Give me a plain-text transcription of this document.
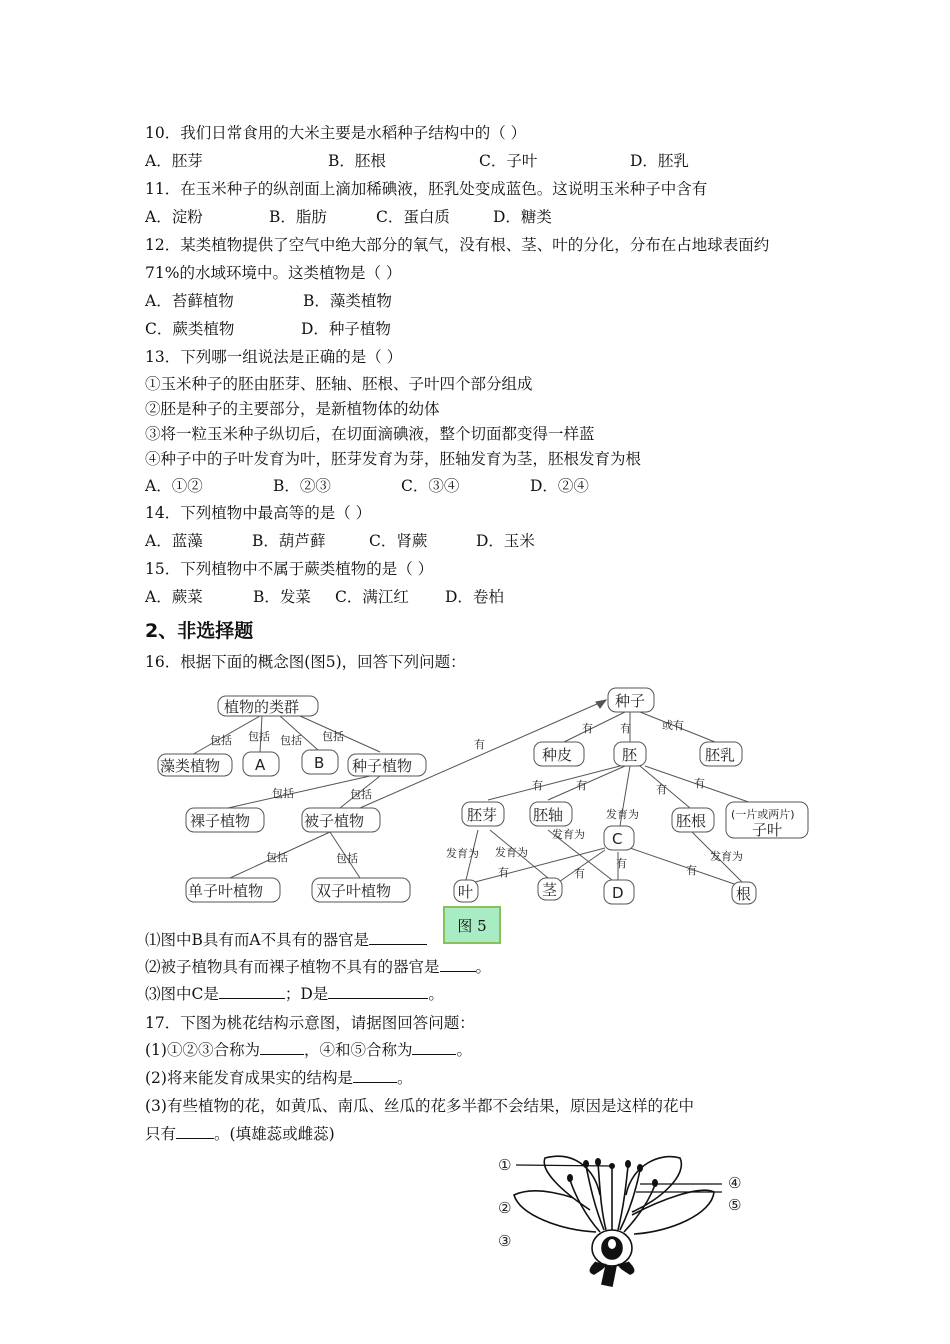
10．我们日常食用的大米主要是水稻种子结构中的（ ）
A．胚芽	B．胚根	C．子叶	D．胚乳
11．在玉米种子的纵剖面上滴加稀碘液，胚乳处变成蓝色。这说明玉米种子中含有
A．淀粉	B．脂肪	C．蛋白质	D．糖类
12．某类植物提供了空气中绝大部分的氧气，没有根、茎、叶的分化，分布在占地球表面约
71%的水域环境中。这类植物是（ ）
A．苔藓植物	B．藻类植物
C．蕨类植物	D．种子植物
13．下列哪一组说法是正确的是（ ）
①玉米种子的胚由胚芽、胚轴、胚根、子叶四个部分组成
②胚是种子的主要部分，是新植物体的幼体
③将一粒玉米种子纵切后，在切面滴碘液，整个切面都变得一样蓝
④种子中的子叶发育为叶，胚芽发育为芽，胚轴发育为茎，胚根发育为根
A．①②	B．②③	C．③④	D．②④
14．下列植物中最高等的是（ ）
A．蓝藻	B．葫芦藓	C．肾蕨	D．玉米
15．下列植物中不属于蕨类植物的是（ ）
A．蕨菜	B．发菜 C．满江红 D．卷柏
2、非选择题
16．根据下面的概念图(图5)，回答下列问题：
植物的类群
藻类植物 A	B 种子植物
裸子植物	被子植物
单子叶植物	双子叶植物
种子
种皮	胚	胚乳
胚芽 胚轴	胚根 (一片或两片)
子叶
C
叶	茎	D	根
包括 包括 包括 包括
包括	包括
包括	包括
有
有 有	或有
有	有	有 有
发育为
发育为
发育为 发育为	发育为
有	有
有
有
图 5
⑴图中B具有而A不具有的器官是
⑵被子植物具有而裸子植物不具有的器官是 。
⑶图中C是	；D是	。
17．下图为桃花结构示意图，请据图回答问题：
(1)①②③合称为	，④和⑤合称为	。
(2)将来能发育成果实的结构是	。
(3)有些植物的花，如黄瓜、南瓜、丝瓜的花多半都不会结果，原因是这样的花中
只有 。(填雄蕊或雌蕊)
①
②
③
④
⑤
